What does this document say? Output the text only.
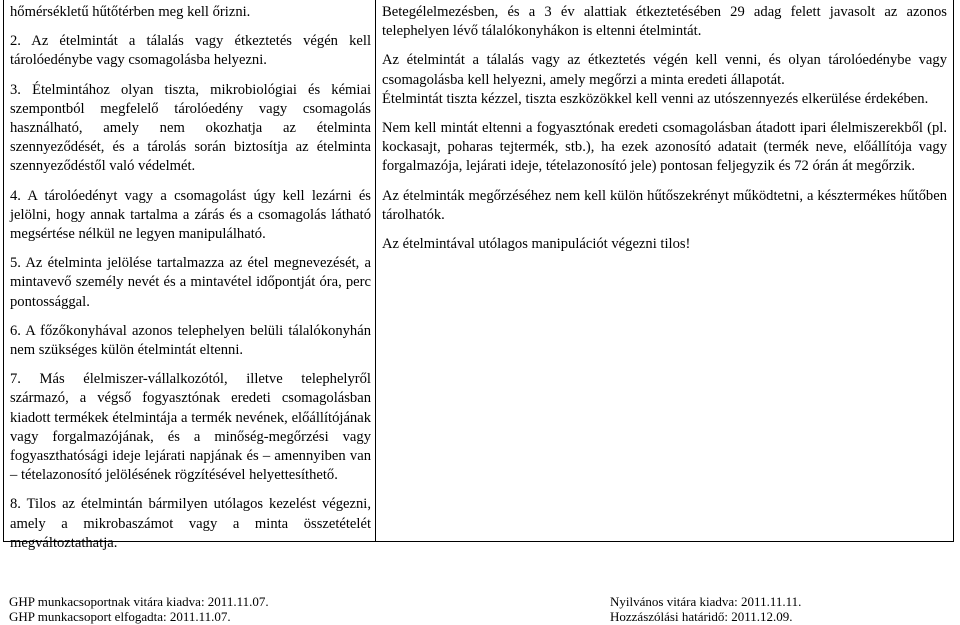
hőmérsékletű hűtőtérben meg kell őrizni.

2. Az ételmintát a tálalás vagy étkeztetés végén kell tárolóedénybe vagy csomagolásba helyezni.

3. Ételmintához olyan tiszta, mikrobiológiai és kémiai szempontból megfelelő tárolóedény vagy csomagolás használható, amely nem okozhatja az ételminta szennyeződését, és a tárolás során biztosítja az ételminta szennyeződéstől való védelmét.

4. A tárolóedényt vagy a csomagolást úgy kell lezárni és jelölni, hogy annak tartalma a zárás és a csomagolás látható megsértése nélkül ne legyen manipulálható.

5. Az ételminta jelölése tartalmazza az étel megnevezését, a mintavevő személy nevét és a mintavétel időpontját óra, perc pontossággal.

6. A főzőkonyhával azonos telephelyen belüli tálalókonyhán nem szükséges külön ételmintát eltenni.

7. Más élelmiszer-vállalkozótól, illetve telephelyről származó, a végső fogyasztónak eredeti csomagolásban kiadott termékek ételmintája a termék nevének, előállítójának vagy forgalmazójának, és a minőség-megőrzési vagy fogyaszthatósági ideje lejárati napjának és – amennyiben van – tételazonosító jelölésének rögzítésével helyettesíthető.

8. Tilos az ételmintán bármilyen utólagos kezelést végezni, amely a mikrobaszámot vagy a minta összetételét megváltoztathatja.

Betegélelmezésben, és a 3 év alattiak étkeztetésében 29 adag felett javasolt az azonos telephelyen lévő tálalókonyhákon is eltenni ételmintát.

Az ételmintát a tálalás vagy az étkeztetés végén kell venni, és olyan tárolóedénybe vagy csomagolásba kell helyezni, amely megőrzi a minta eredeti állapotát.

Ételmintát tiszta kézzel, tiszta eszközökkel kell venni az utószennyezés elkerülése érdekében.

Nem kell mintát eltenni a fogyasztónak eredeti csomagolásban átadott ipari élelmiszerekből (pl. kockasajt, poharas tejtermék, stb.), ha ezek azonosító adatait (termék neve, előállítója vagy forgalmazója, lejárati ideje, tételazonosító jele) pontosan feljegyzik és 72 órán át megőrzik.

Az ételminták megőrzéséhez nem kell külön hűtőszekrényt működtetni, a késztermékes hűtőben tárolhatók.

Az ételmintával utólagos manipulációt végezni tilos!

GHP munkacsoportnak vitára kiadva: 2011.11.07.
GHP munkacsoport elfogadta: 2011.11.07.
Nyilvános vitára kiadva: 2011.11.11.
Hozzászólási határidő: 2011.12.09.
